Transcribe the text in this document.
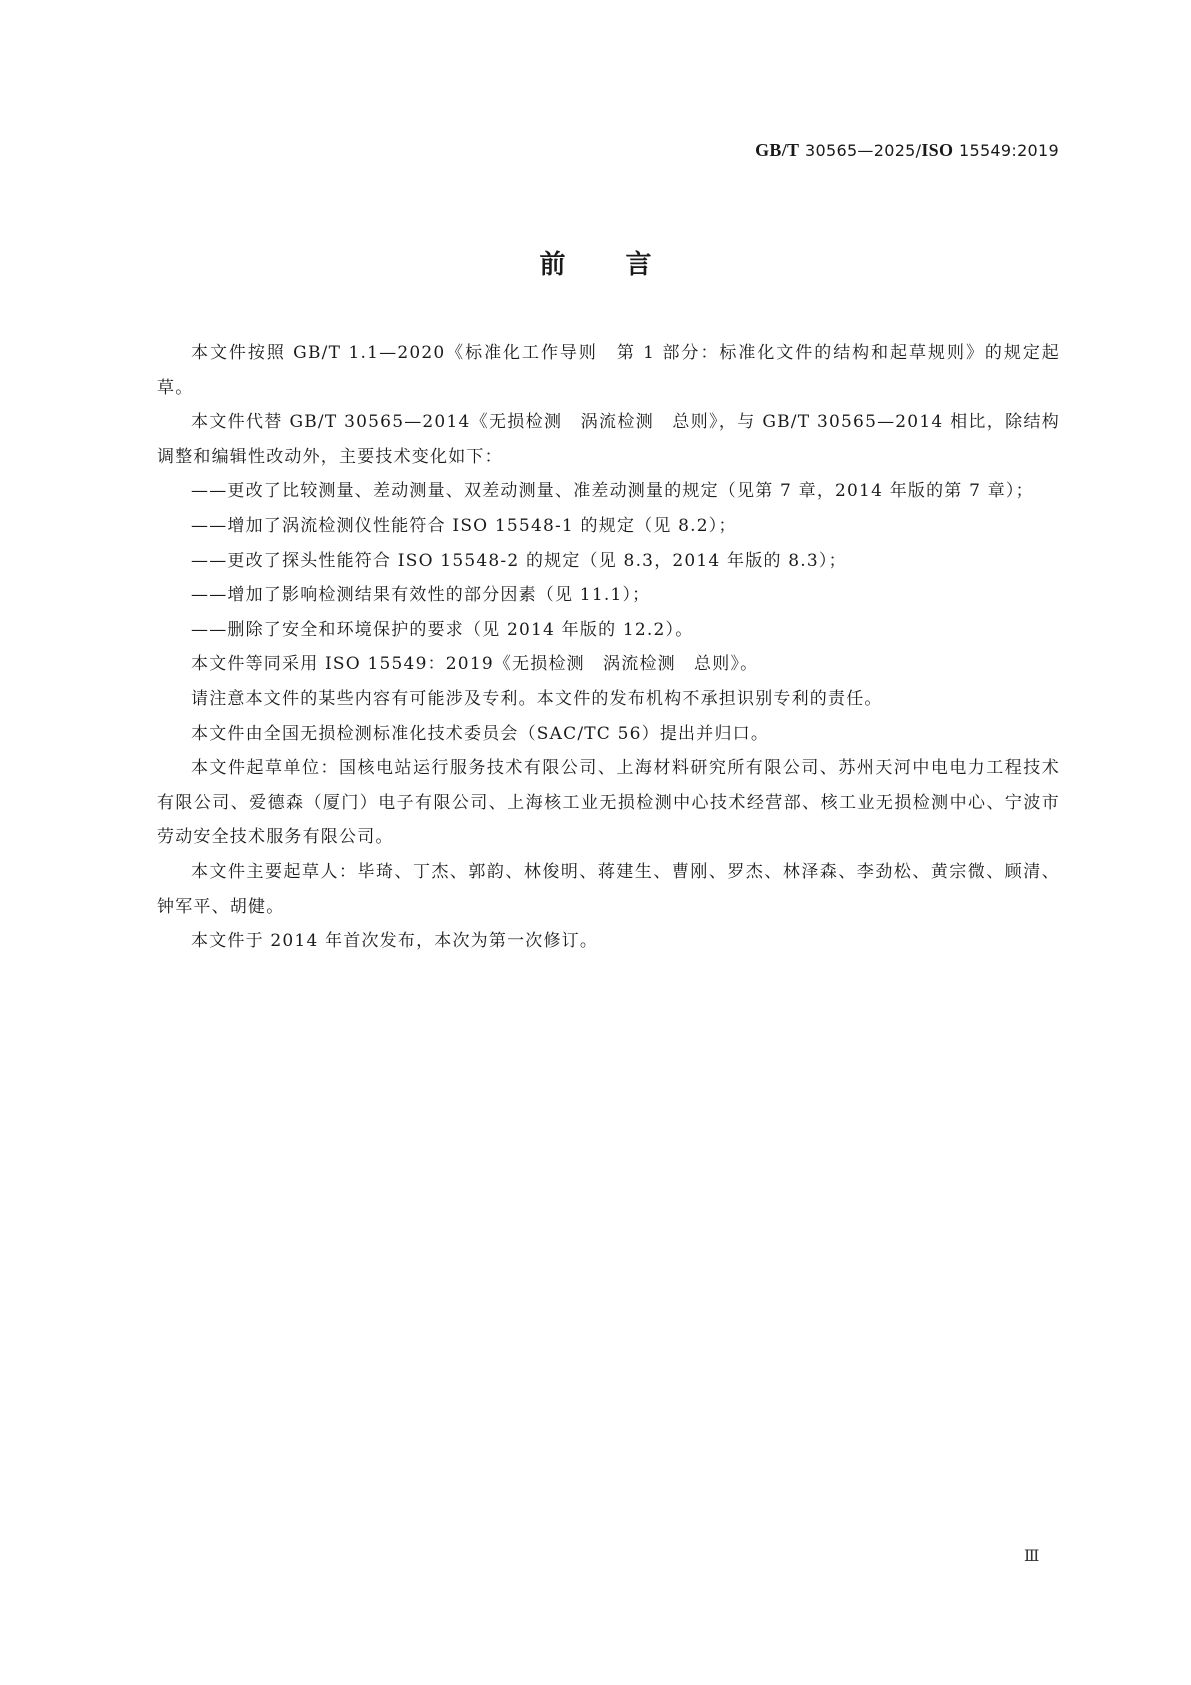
GB/T 30565—2025/ISO 15549:2019
前言

本文件按照 GB/T 1.1—2020《标准化工作导则　第 1 部分：标准化文件的结构和起草规则》的规定起草。

本文件代替 GB/T 30565—2014《无损检测　涡流检测　总则》，与 GB/T 30565—2014 相比，除结构调整和编辑性改动外，主要技术变化如下：

——更改了比较测量、差动测量、双差动测量、准差动测量的规定（见第 7 章，2014 年版的第 7 章）；

——增加了涡流检测仪性能符合 ISO 15548-1 的规定（见 8.2）；

——更改了探头性能符合 ISO 15548-2 的规定（见 8.3，2014 年版的 8.3）；

——增加了影响检测结果有效性的部分因素（见 11.1）；

——删除了安全和环境保护的要求（见 2014 年版的 12.2）。

本文件等同采用 ISO 15549：2019《无损检测　涡流检测　总则》。

请注意本文件的某些内容有可能涉及专利。本文件的发布机构不承担识别专利的责任。

本文件由全国无损检测标准化技术委员会（SAC/TC 56）提出并归口。

本文件起草单位：国核电站运行服务技术有限公司、上海材料研究所有限公司、苏州天河中电电力工程技术有限公司、爱德森（厦门）电子有限公司、上海核工业无损检测中心技术经营部、核工业无损检测中心、宁波市劳动安全技术服务有限公司。

本文件主要起草人：毕琦、丁杰、郭韵、林俊明、蒋建生、曹刚、罗杰、林泽森、李劲松、黄宗微、顾清、钟军平、胡健。

本文件于 2014 年首次发布，本次为第一次修订。

Ⅲ
